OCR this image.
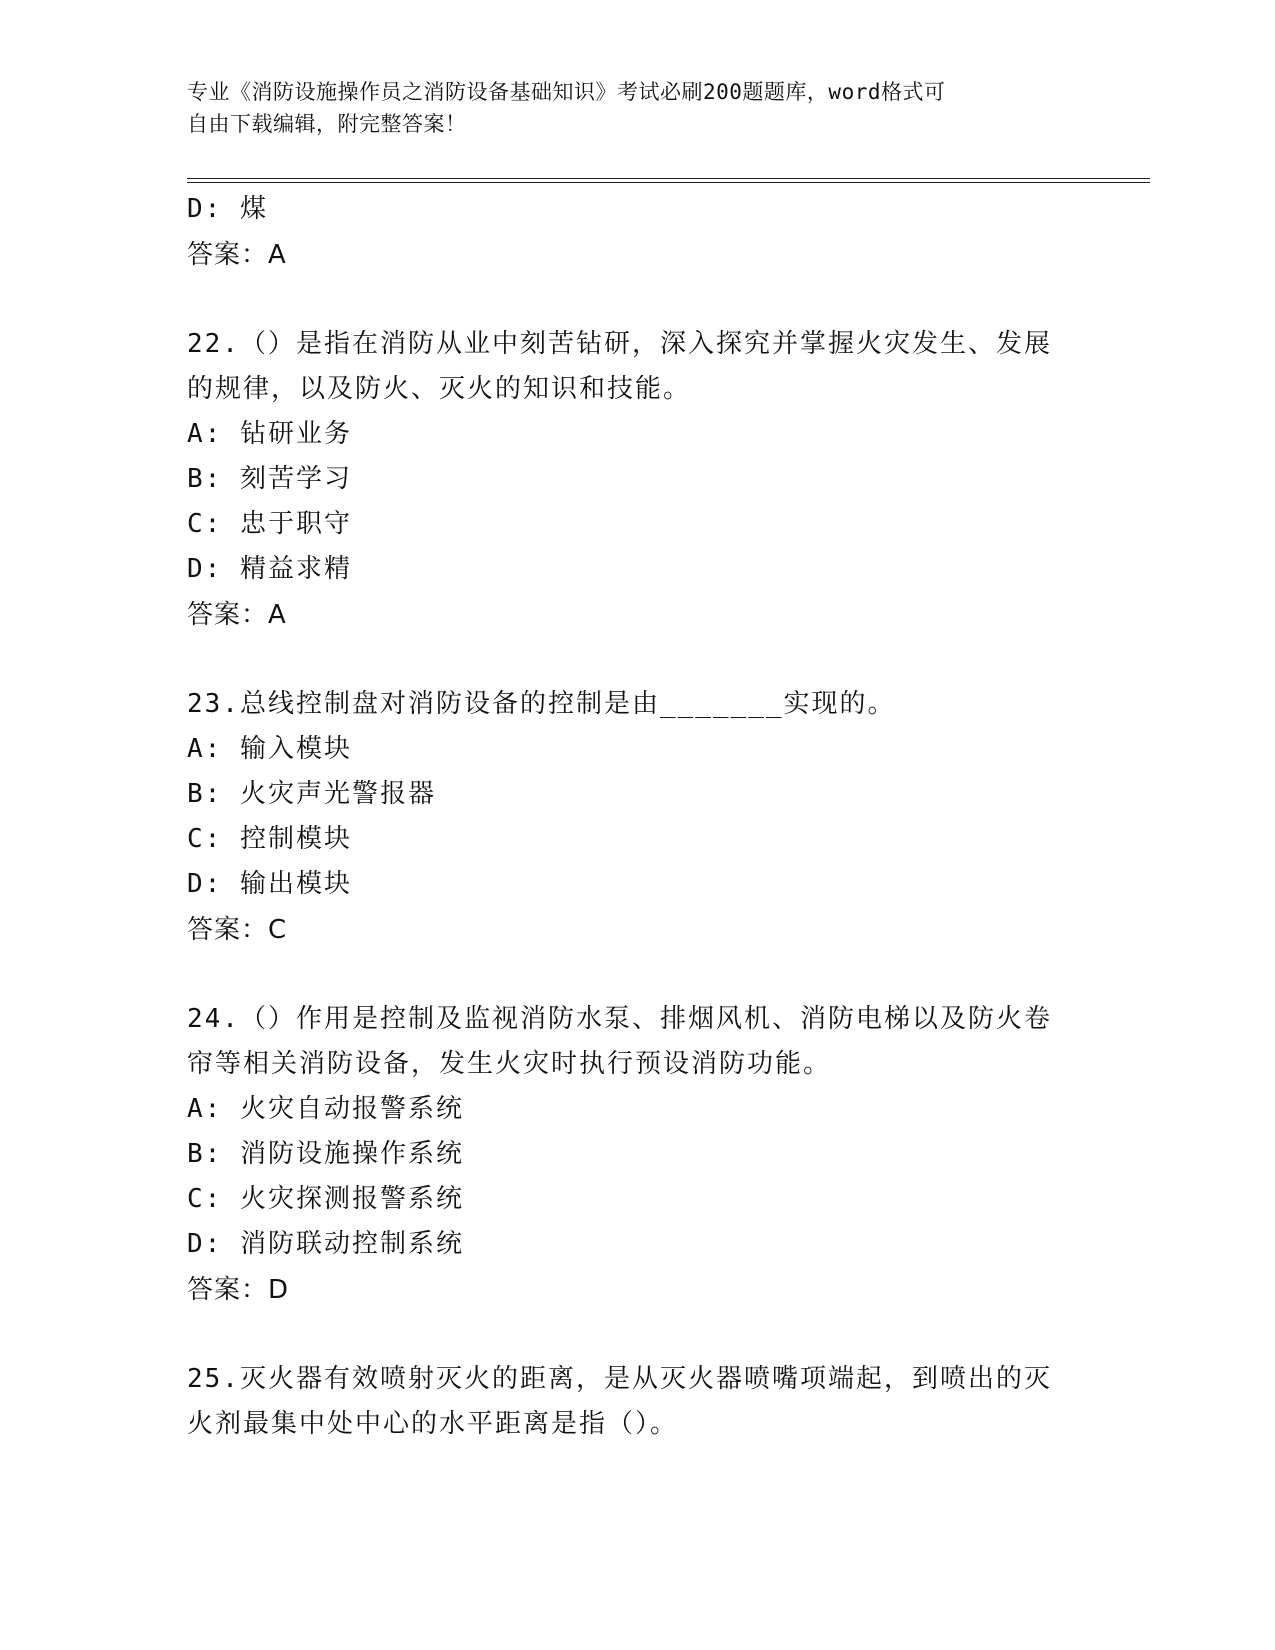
专业《消防设施操作员之消防设备基础知识》考试必刷200题题库，word格式可
自由下载编辑，附完整答案！
D: 煤
答案：A
22.（）是指在消防从业中刻苦钻研，深入探究并掌握火灾发生、发展
的规律，以及防火、灭火的知识和技能。
A: 钻研业务
B: 刻苦学习
C: 忠于职守
D: 精益求精
答案：A
23.总线控制盘对消防设备的控制是由_______实现的。
A: 输入模块
B: 火灾声光警报器
C: 控制模块
D: 输出模块
答案：C
24.（）作用是控制及监视消防水泵、排烟风机、消防电梯以及防火卷
帘等相关消防设备，发生火灾时执行预设消防功能。
A: 火灾自动报警系统
B: 消防设施操作系统
C: 火灾探测报警系统
D: 消防联动控制系统
答案：D
25.灭火器有效喷射灭火的距离，是从灭火器喷嘴项端起，到喷出的灭
火剂最集中处中心的水平距离是指（）。
